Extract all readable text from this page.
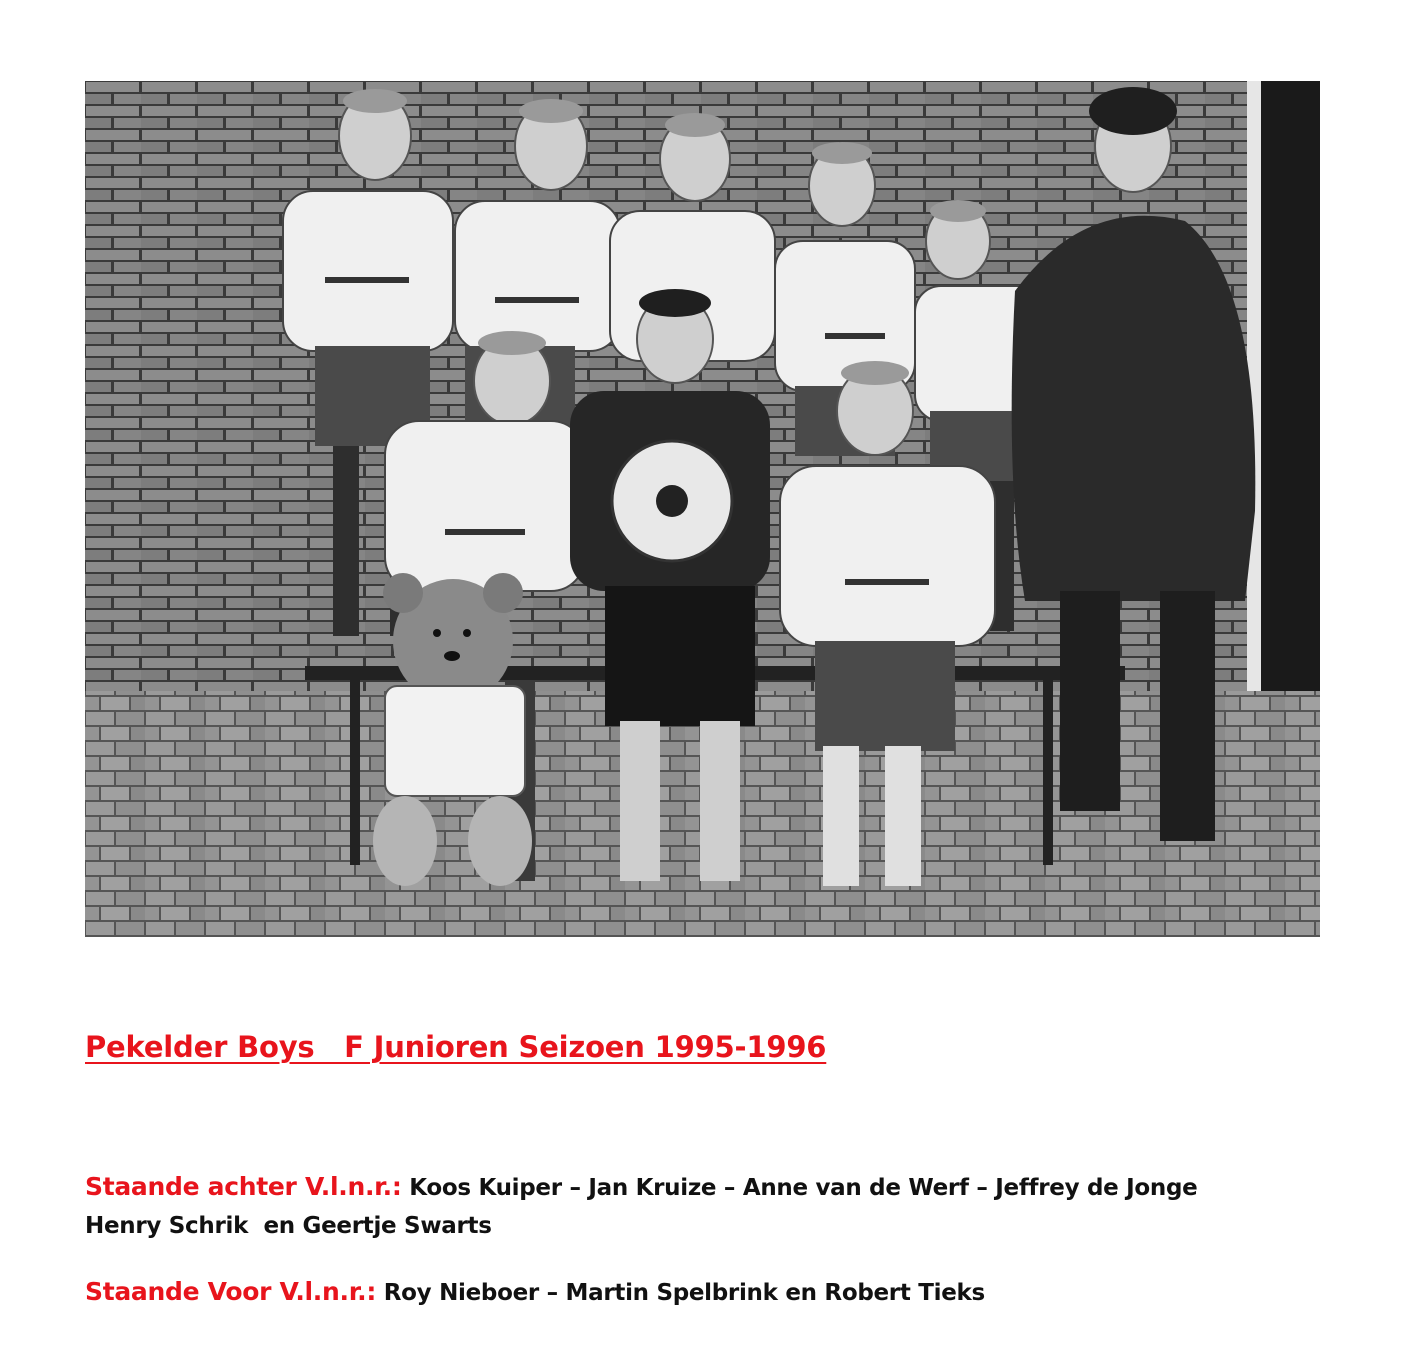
Pekelder Boys   F Junioren Seizoen 1995-1996
Staande achter V.l.n.r.: Koos Kuiper – Jan Kruize – Anne van de Werf – Jeffrey de Jonge
Henry Schrik  en Geertje Swarts
Staande Voor V.l.n.r.: Roy Nieboer – Martin Spelbrink en Robert Tieks
